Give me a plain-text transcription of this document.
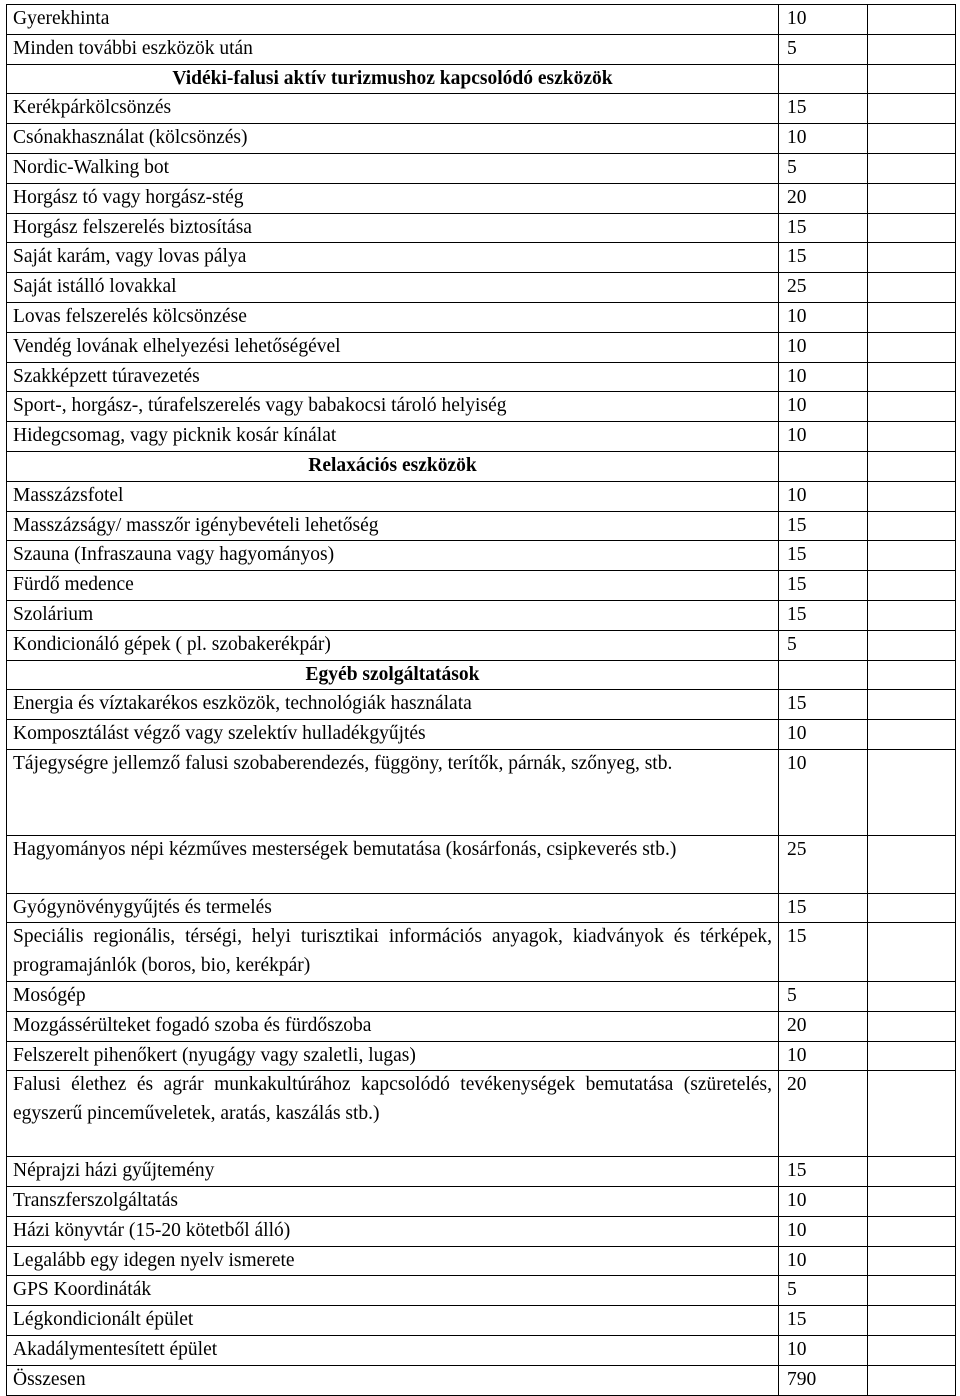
Gyerekhinta	10	
Minden további eszközök után	5	
Vidéki-falusi aktív turizmushoz kapcsolódó eszközök		
Kerékpárkölcsönzés	15	
Csónakhasználat (kölcsönzés)	10	
Nordic-Walking bot	5	
Horgász tó vagy horgász-stég	20	
Horgász felszerelés biztosítása	15	
Saját karám, vagy lovas pálya	15	
Saját istálló lovakkal	25	
Lovas felszerelés kölcsönzése	10	
Vendég lovának elhelyezési lehetőségével	10	
Szakképzett túravezetés	10	
Sport-, horgász-, túrafelszerelés vagy babakocsi tároló helyiség	10	
Hidegcsomag, vagy picknik kosár kínálat	10	
Relaxációs eszközök		
Masszázsfotel	10	
Masszázságy/ masszőr igénybevételi lehetőség	15	
Szauna (Infraszauna vagy hagyományos)	15	
Fürdő medence	15	
Szolárium	15	
Kondicionáló gépek ( pl. szobakerékpár)	5	
Egyéb szolgáltatások		
Energia és víztakarékos eszközök, technológiák használata	15	
Komposztálást végző vagy szelektív hulladékgyűjtés	10	
Tájegységre jellemző falusi szobaberendezés, függöny, terítők, párnák, szőnyeg, stb.	10	
Hagyományos népi kézműves mesterségek bemutatása (kosárfonás, csipkeverés stb.)	25	
Gyógynövénygyűjtés és termelés	15	
Speciális regionális, térségi, helyi turisztikai információs anyagok, kiadványok és térképek, programajánlók (boros, bio, kerékpár)	15	
Mosógép	5	
Mozgássérülteket fogadó szoba és fürdőszoba	20	
Felszerelt pihenőkert (nyugágy vagy szaletli, lugas)	10	
Falusi élethez és agrár munkakultúrához kapcsolódó tevékenységek bemutatása (szüretelés, egyszerű pinceműveletek, aratás, kaszálás stb.)	20	
Néprajzi házi gyűjtemény	15	
Transzferszolgáltatás	10	
Házi könyvtár (15-20 kötetből álló)	10	
Legalább egy idegen nyelv ismerete	10	
GPS Koordináták	5	
Légkondicionált épület	15	
Akadálymentesített épület	10	
Összesen	790	
